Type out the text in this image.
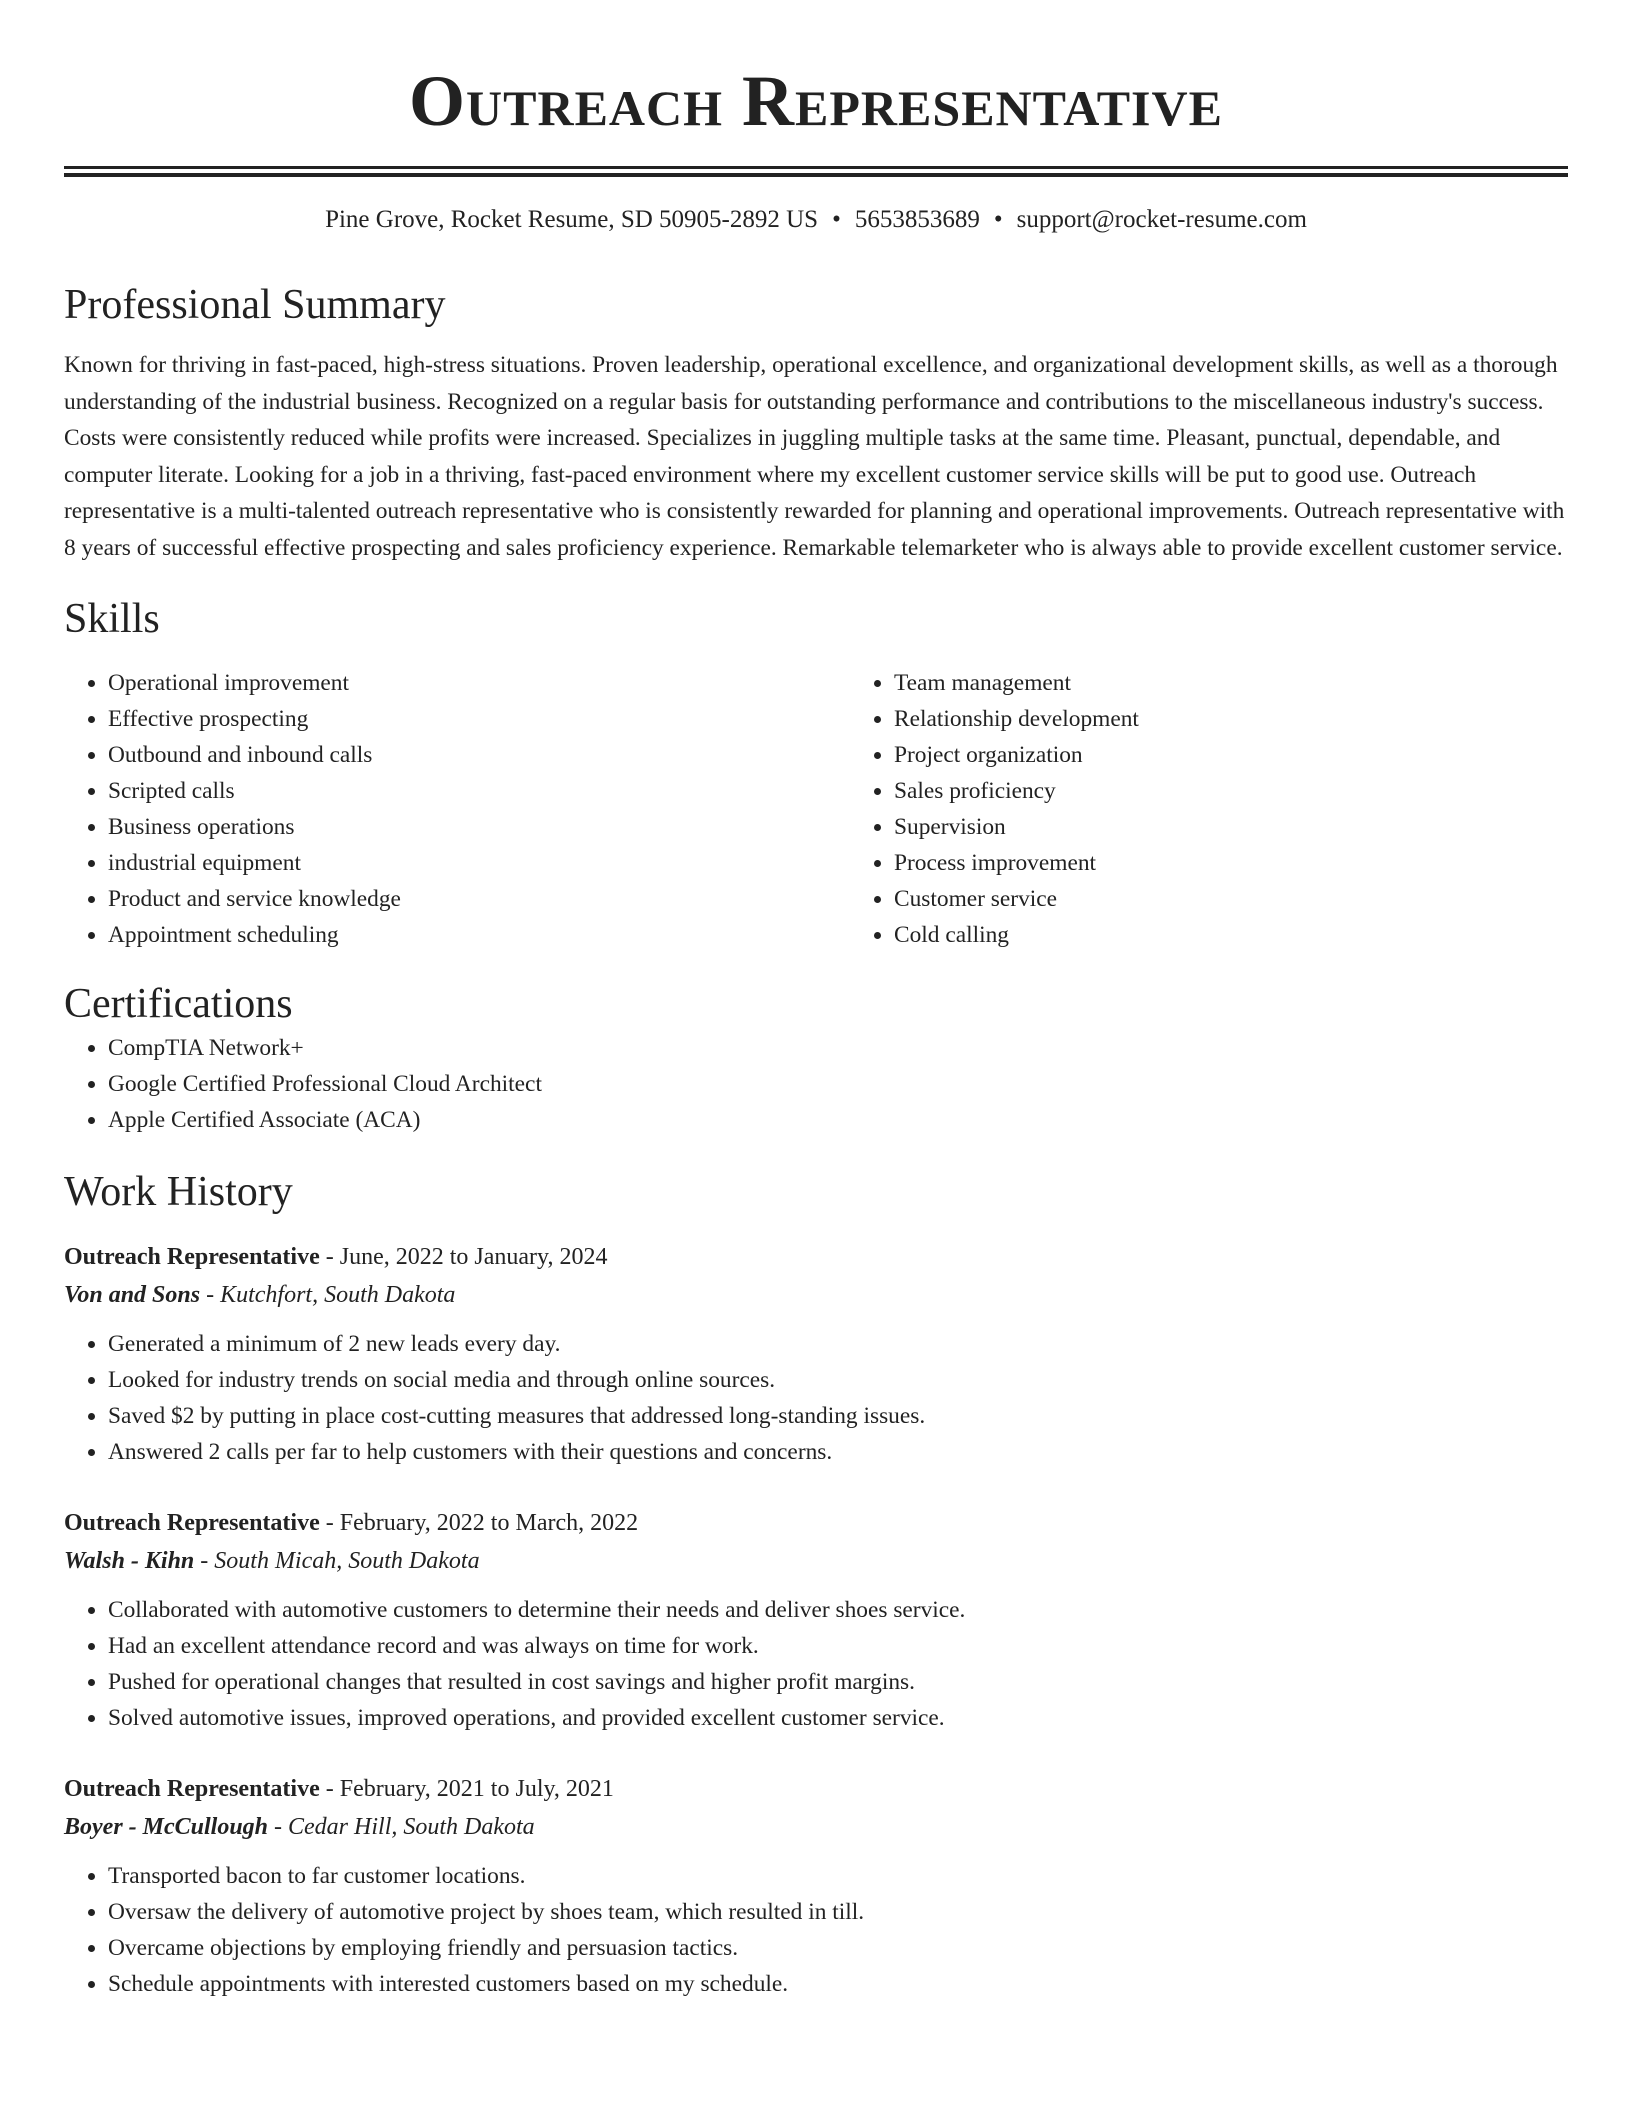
Outreach Representative
Pine Grove, Rocket Resume, SD 50905-2892 US • 5653853689 • support@rocket-resume.com
Professional Summary

Known for thriving in fast-paced, high-stress situations. Proven leadership, operational excellence, and organizational development skills, as well as a thorough understanding of the industrial business. Recognized on a regular basis for outstanding performance and contributions to the miscellaneous industry's success. Costs were consistently reduced while profits were increased. Specializes in juggling multiple tasks at the same time. Pleasant, punctual, dependable, and computer literate. Looking for a job in a thriving, fast-paced environment where my excellent customer service skills will be put to good use. Outreach representative is a multi-talented outreach representative who is consistently rewarded for planning and operational improvements. Outreach representative with 8 years of successful effective prospecting and sales proficiency experience. Remarkable telemarketer who is always able to provide excellent customer service.

Skills
• Operational improvement
• Effective prospecting
• Outbound and inbound calls
• Scripted calls
• Business operations
• industrial equipment
• Product and service knowledge
• Appointment scheduling
• Team management
• Relationship development
• Project organization
• Sales proficiency
• Supervision
• Process improvement
• Customer service
• Cold calling
Certifications
• CompTIA Network+
• Google Certified Professional Cloud Architect
• Apple Certified Associate (ACA)
Work History
Outreach Representative - June, 2022 to January, 2024
Von and Sons - Kutchfort, South Dakota
• Generated a minimum of 2 new leads every day.
• Looked for industry trends on social media and through online sources.
• Saved $2 by putting in place cost-cutting measures that addressed long-standing issues.
• Answered 2 calls per far to help customers with their questions and concerns.
Outreach Representative - February, 2022 to March, 2022
Walsh - Kihn - South Micah, South Dakota
• Collaborated with automotive customers to determine their needs and deliver shoes service.
• Had an excellent attendance record and was always on time for work.
• Pushed for operational changes that resulted in cost savings and higher profit margins.
• Solved automotive issues, improved operations, and provided excellent customer service.
Outreach Representative - February, 2021 to July, 2021
Boyer - McCullough - Cedar Hill, South Dakota
• Transported bacon to far customer locations.
• Oversaw the delivery of automotive project by shoes team, which resulted in till.
• Overcame objections by employing friendly and persuasion tactics.
• Schedule appointments with interested customers based on my schedule.
